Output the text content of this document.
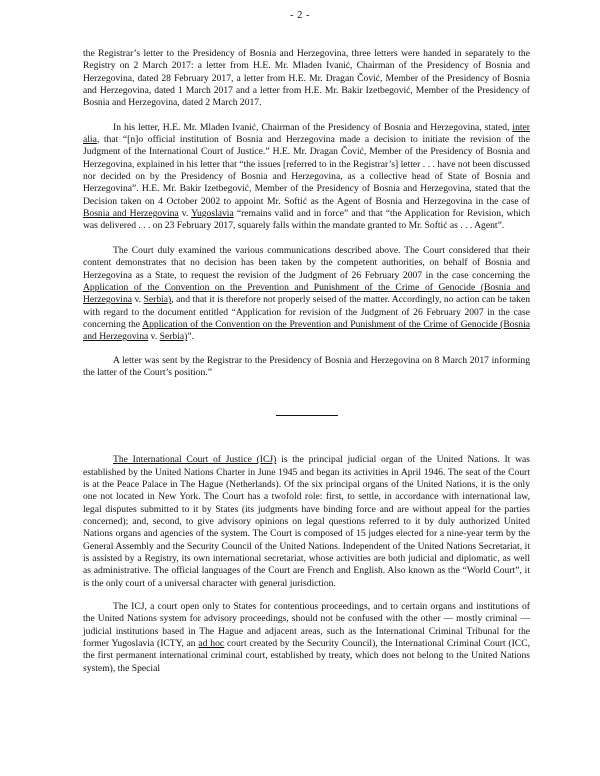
- 2 -

the Registrar’s letter to the Presidency of Bosnia and Herzegovina, three letters were handed in separately to the Registry on 2 March 2017: a letter from H.E. Mr. Mladen Ivanić, Chairman of the Presidency of Bosnia and Herzegovina, dated 28 February 2017, a letter from H.E. Mr. Dragan Čović, Member of the Presidency of Bosnia and Herzegovina, dated 1 March 2017 and a letter from H.E. Mr. Bakir Izetbegović, Member of the Presidency of Bosnia and Herzegovina, dated 2 March 2017.

In his letter, H.E. Mr. Mladen Ivanić, Chairman of the Presidency of Bosnia and Herzegovina, stated, inter alia, that “[n]o official institution of Bosnia and Herzegovina made a decision to initiate the revision of the Judgment of the International Court of Justice.” H.E. Mr. Dragan Čović, Member of the Presidency of Bosnia and Herzegovina, explained in his letter that “the issues [referred to in the Registrar’s] letter . . . have not been discussed nor decided on by the Presidency of Bosnia and Herzegovina, as a collective head of State of Bosnia and Herzegovina”. H.E. Mr. Bakir Izetbegović, Member of the Presidency of Bosnia and Herzegovina, stated that the Decision taken on 4 October 2002 to appoint Mr. Softić as the Agent of Bosnia and Herzegovina in the case of Bosnia and Herzegovina v. Yugoslavia “remains valid and in force” and that “the Application for Revision, which was delivered . . . on 23 February 2017, squarely falls within the mandate granted to Mr. Softić as . . . Agent”.

The Court duly examined the various communications described above. The Court considered that their content demonstrates that no decision has been taken by the competent authorities, on behalf of Bosnia and Herzegovina as a State, to request the revision of the Judgment of 26 February 2007 in the case concerning the Application of the Convention on the Prevention and Punishment of the Crime of Genocide (Bosnia and Herzegovina v. Serbia), and that it is therefore not properly seised of the matter. Accordingly, no action can be taken with regard to the document entitled “Application for revision of the Judgment of 26 February 2007 in the case concerning the Application of the Convention on the Prevention and Punishment of the Crime of Genocide (Bosnia and Herzegovina v. Serbia)”.

A letter was sent by the Registrar to the Presidency of Bosnia and Herzegovina on 8 March 2017 informing the latter of the Court’s position.”

The International Court of Justice (ICJ) is the principal judicial organ of the United Nations. It was established by the United Nations Charter in June 1945 and began its activities in April 1946. The seat of the Court is at the Peace Palace in The Hague (Netherlands). Of the six principal organs of the United Nations, it is the only one not located in New York. The Court has a twofold role: first, to settle, in accordance with international law, legal disputes submitted to it by States (its judgments have binding force and are without appeal for the parties concerned); and, second, to give advisory opinions on legal questions referred to it by duly authorized United Nations organs and agencies of the system. The Court is composed of 15 judges elected for a nine-year term by the General Assembly and the Security Council of the United Nations. Independent of the United Nations Secretariat, it is assisted by a Registry, its own international secretariat, whose activities are both judicial and diplomatic, as well as administrative. The official languages of the Court are French and English. Also known as the “World Court”, it is the only court of a universal character with general jurisdiction.

The ICJ, a court open only to States for contentious proceedings, and to certain organs and institutions of the United Nations system for advisory proceedings, should not be confused with the other — mostly criminal — judicial institutions based in The Hague and adjacent areas, such as the International Criminal Tribunal for the former Yugoslavia (ICTY, an ad hoc court created by the Security Council), the International Criminal Court (ICC, the first permanent international criminal court, established by treaty, which does not belong to the United Nations system), the Special
